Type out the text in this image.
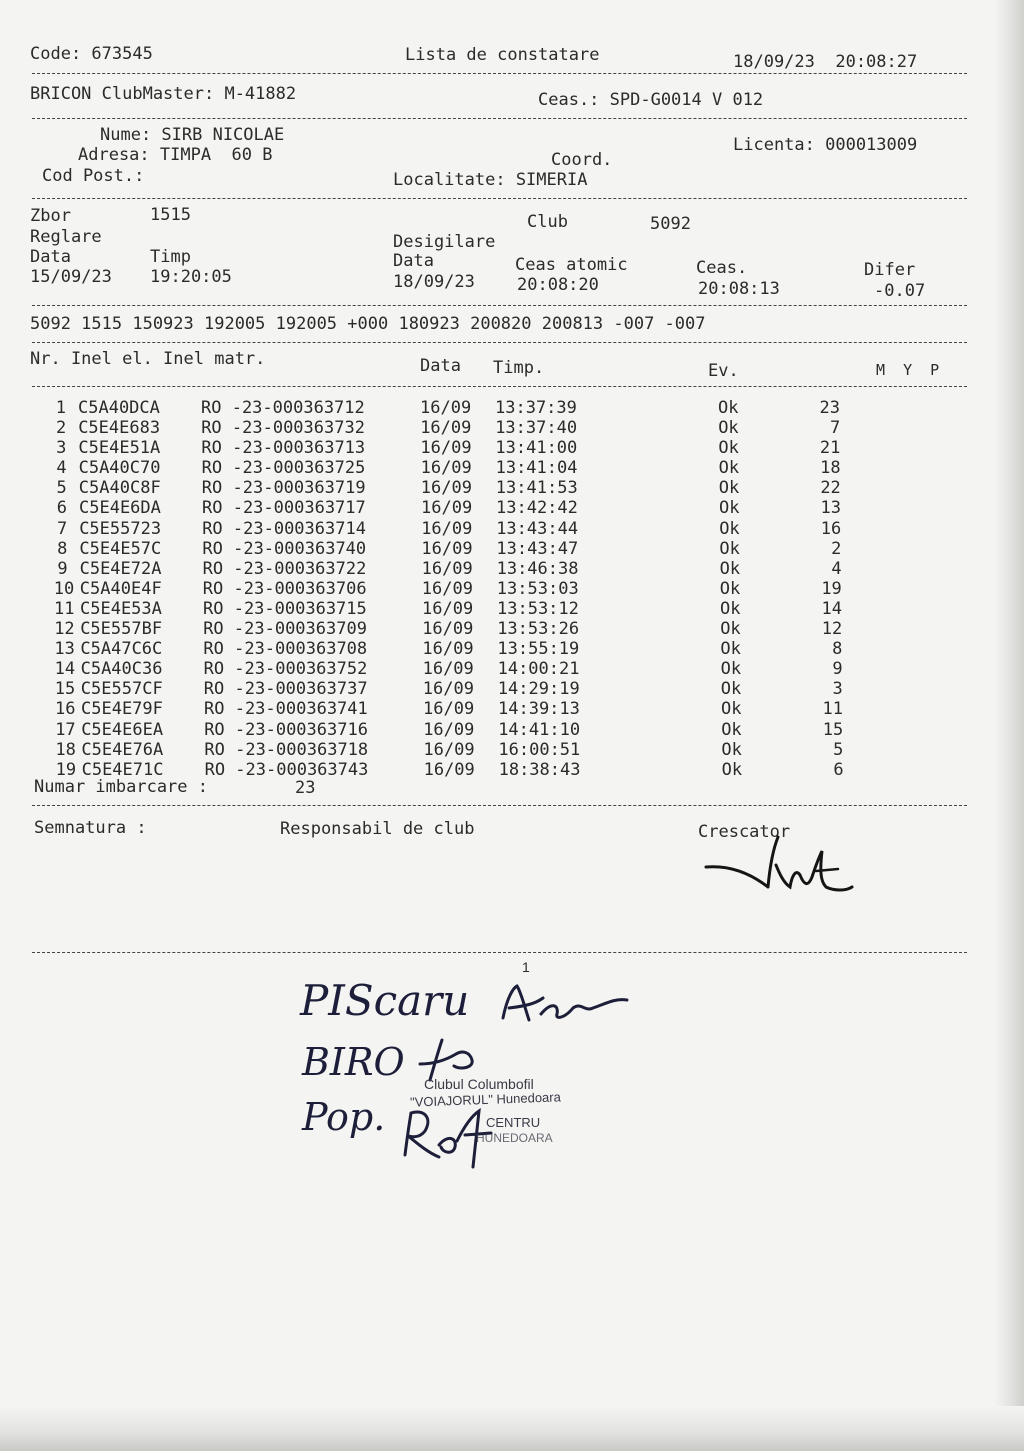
Code: 673545	Lista de constatare	18/09/23  20:08:27
BRICON ClubMaster: M-41882	Ceas.: SPD-G0014 V 012
Nume: SIRB NICOLAE
Adresa: TIMPA  60 B
Cod Post.:
Licenta: 000013009
Coord.
Localitate: SIMERIA
Zbor	1515	Club	5092
Reglare	Desigilare
Data	Timp	Data	Ceas atomic	Ceas.	Difer
15/09/23 19:20:05	18/09/23 20:08:20	20:08:13	-0.07
5092 1515 150923 192005 192005 +000 180923 200820 200813 -007 -007
Nr. Inel el. Inel matr.	Data Timp.	Ev.	M  Y  P
1 C5A40DCA RO -23-000363712	16/09 13:37:39	Ok	23
2 C5E4E683 RO -23-000363732	16/09 13:37:40	Ok	7
3 C5E4E51A RO -23-000363713	16/09 13:41:00	Ok	21
4 C5A40C70 RO -23-000363725	16/09 13:41:04	Ok	18
5 C5A40C8F RO -23-000363719	16/09 13:41:53	Ok	22
6 C5E4E6DA RO -23-000363717	16/09 13:42:42	Ok	13
7 C5E55723 RO -23-000363714	16/09 13:43:44	Ok	16
8 C5E4E57C RO -23-000363740	16/09 13:43:47	Ok	2
9 C5E4E72A RO -23-000363722	16/09 13:46:38	Ok	4
10 C5A40E4F RO -23-000363706	16/09 13:53:03	Ok	19
11 C5E4E53A RO -23-000363715	16/09 13:53:12	Ok	14
12 C5E557BF RO -23-000363709	16/09 13:53:26	Ok	12
13 C5A47C6C RO -23-000363708	16/09 13:55:19	Ok	8
14 C5A40C36 RO -23-000363752	16/09 14:00:21	Ok	9
15 C5E557CF RO -23-000363737	16/09 14:29:19	Ok	3
16 C5E4E79F RO -23-000363741	16/09 14:39:13	Ok	11
17 C5E4E6EA RO -23-000363716	16/09 14:41:10	Ok	15
18 C5E4E76A RO -23-000363718	16/09 16:00:51	Ok	5
19 C5E4E71C RO -23-000363743	16/09 18:38:43	Ok	6
Numar imbarcare :	23
Semnatura :	Responsabil de club	Crescator
1
PIScaru
BIRO
Pop.
Clubul Columbofil
"VOIAJORUL" Hunedoara
CENTRU
HUNEDOARA
